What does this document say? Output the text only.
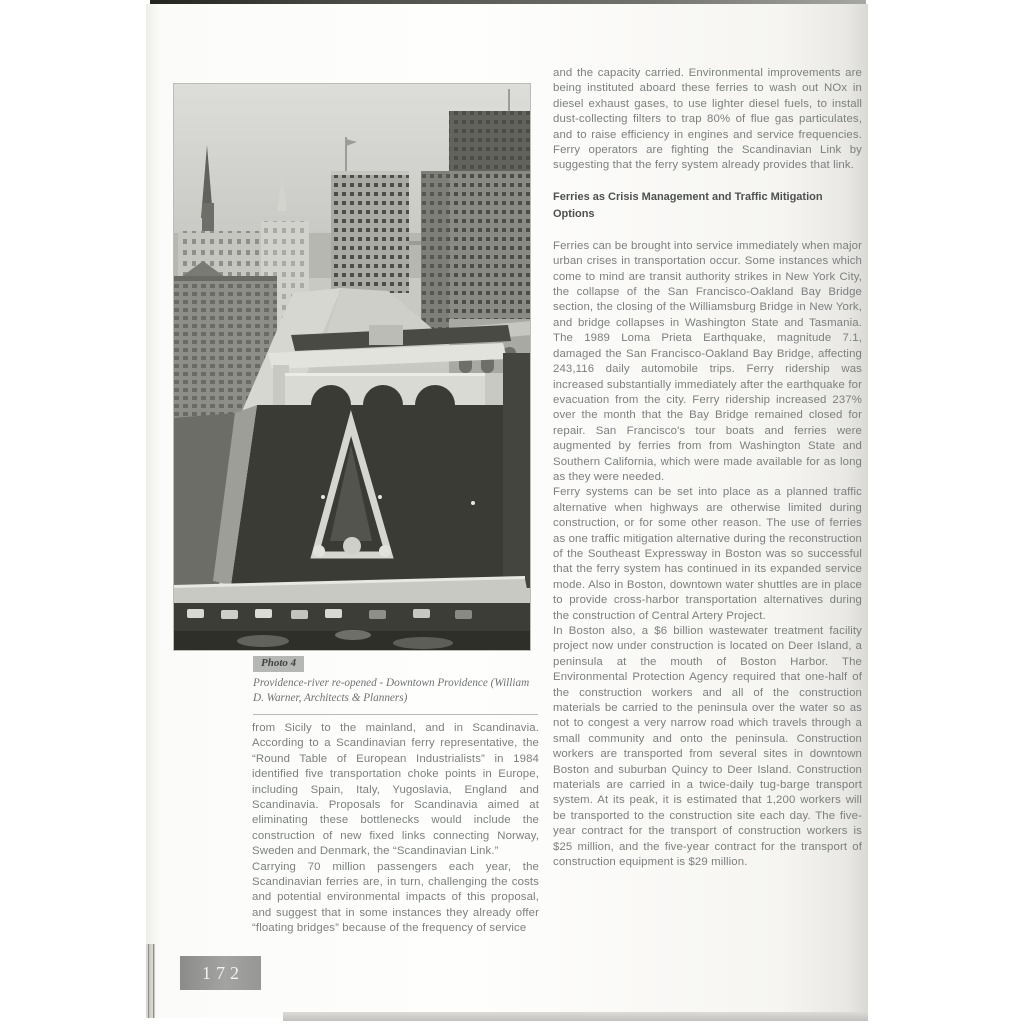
Photo 4
Providence-river re-opened - Downtown Providence (William D. Warner, Architects & Planners)

from Sicily to the mainland, and in Scandinavia. According to a Scandinavian ferry representative, the “Round Table of European Industrialists” in 1984 identified five transportation choke points in Europe, including Spain, Italy, Yugoslavia, England and Scandinavia. Proposals for Scandinavia aimed at eliminating these bottlenecks would include the construction of new fixed links connecting Norway, Sweden and Denmark, the “Scandinavian Link.”

Carrying 70 million passengers each year, the Scandinavian ferries are, in turn, challenging the costs and potential environmental impacts of this proposal, and suggest that in some instances they already offer “floating bridges” because of the frequency of service

and the capacity carried. Environmental improvements are being instituted aboard these ferries to wash out NOx in diesel exhaust gases, to use lighter diesel fuels, to install dust-collecting filters to trap 80% of flue gas particulates, and to raise efficiency in engines and service frequencies. Ferry operators are fighting the Scandinavian Link by suggesting that the ferry system already provides that link.

Ferries as Crisis Management and Traffic Mitigation Options

Ferries can be brought into service immediately when major urban crises in transportation occur. Some instances which come to mind are transit authority strikes in New York City, the collapse of the San Francisco-Oakland Bay Bridge section, the closing of the Williamsburg Bridge in New York, and bridge collapses in Washington State and Tasmania. The 1989 Loma Prieta Earthquake, magnitude 7.1, damaged the San Francisco-Oakland Bay Bridge, affecting 243,116 daily automobile trips. Ferry ridership was increased substantially immediately after the earthquake for evacuation from the city. Ferry ridership increased 237% over the month that the Bay Bridge remained closed for repair. San Francisco's tour boats and ferries were augmented by ferries from from Washington State and Southern California, which were made available for as long as they were needed.

Ferry systems can be set into place as a planned traffic alternative when highways are otherwise limited during construction, or for some other reason. The use of ferries as one traffic mitigation alternative during the reconstruction of the Southeast Expressway in Boston was so successful that the ferry system has continued in its expanded service mode. Also in Boston, downtown water shuttles are in place to provide cross-harbor transportation alternatives during the construction of Central Artery Project.

In Boston also, a $6 billion wastewater treatment facility project now under construction is located on Deer Island, a peninsula at the mouth of Boston Harbor. The Environmental Protection Agency required that one-half of the construction workers and all of the construction materials be carried to the peninsula over the water so as not to congest a very narrow road which travels through a small community and onto the peninsula. Construction workers are transported from several sites in downtown Boston and suburban Quincy to Deer Island. Construction materials are carried in a twice-daily tug-barge transport system. At its peak, it is estimated that 1,200 workers will be transported to the construction site each day. The five-year contract for the transport of construction workers is $25 million, and the five-year contract for the transport of construction equipment is $29 million.

172
